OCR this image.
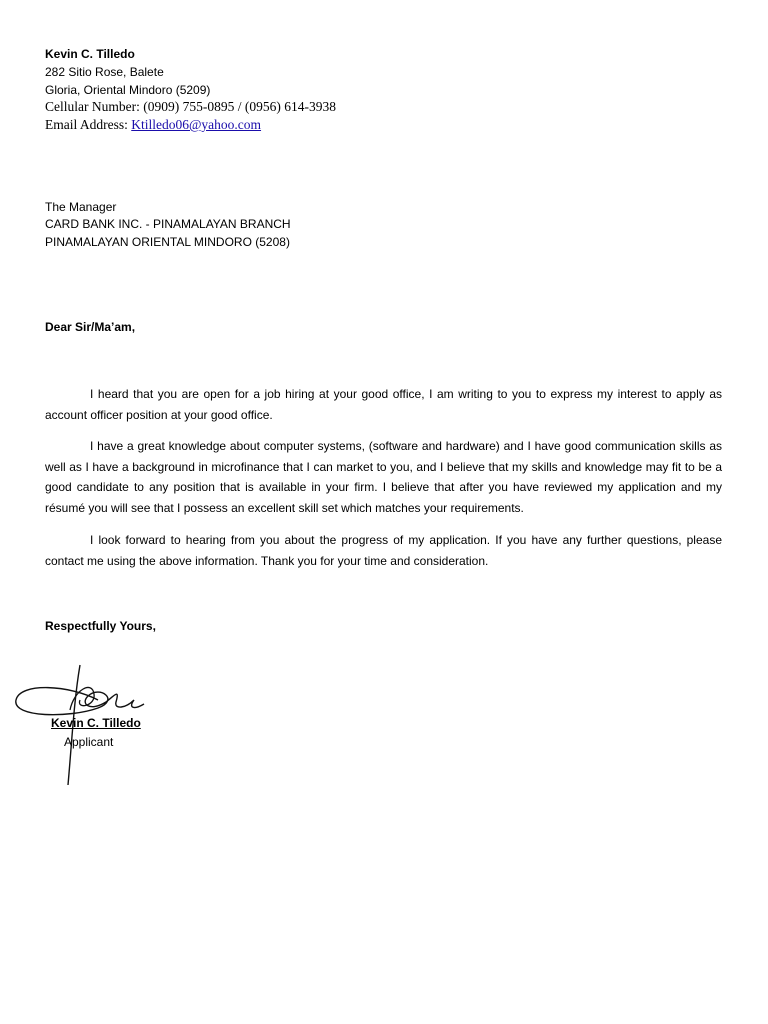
Kevin C. Tilledo
282 Sitio Rose, Balete
Gloria, Oriental Mindoro (5209)
Cellular Number: (0909) 755-0895 / (0956) 614-3938
Email Address: Ktilledo06@yahoo.com
The Manager
CARD BANK INC. - PINAMALAYAN BRANCH
PINAMALAYAN ORIENTAL MINDORO (5208)
Dear Sir/Ma’am,
I heard that you are open for a job hiring at your good office, I am writing to you to express my interest to apply as account officer position at your good office.
I have a great knowledge about computer systems, (software and hardware) and I have good communication skills as well as I have a background in microfinance that I can market to you, and I believe that my skills and knowledge may fit to be a good candidate to any position that is available in your firm. I believe that after you have reviewed my application and my résumé you will see that I possess an excellent skill set which matches your requirements.
I look forward to hearing from you about the progress of my application. If you have any further questions, please contact me using the above information. Thank you for your time and consideration.
Respectfully Yours,
Kevin C. Tilledo
Applicant
